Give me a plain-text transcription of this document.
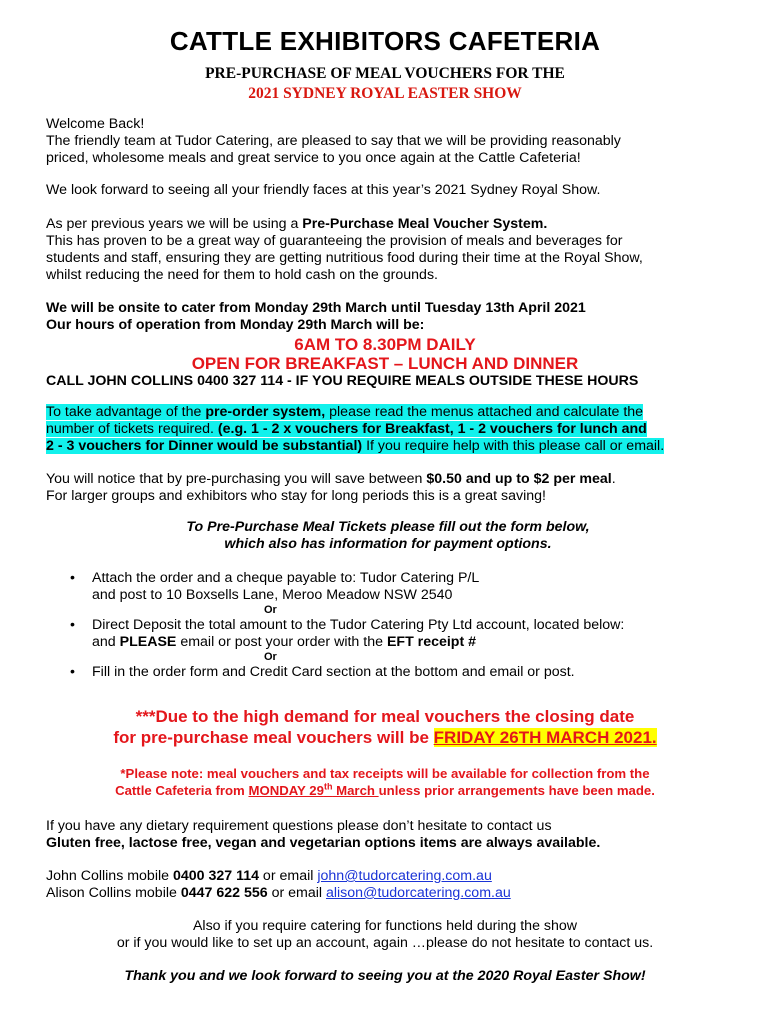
CATTLE EXHIBITORS CAFETERIA
PRE-PURCHASE OF MEAL VOUCHERS FOR THE
2021 SYDNEY ROYAL EASTER SHOW
Welcome Back!
The friendly team at Tudor Catering, are pleased to say that we will be providing reasonably
priced, wholesome meals and great service to you once again at the Cattle Cafeteria!
We look forward to seeing all your friendly faces at this year’s 2021 Sydney Royal Show.
As per previous years we will be using a Pre-Purchase Meal Voucher System.
This has proven to be a great way of guaranteeing the provision of meals and beverages for
students and staff, ensuring they are getting nutritious food during their time at the Royal Show,
whilst reducing the need for them to hold cash on the grounds.
We will be onsite to cater from Monday 29th March until Tuesday 13th April 2021
Our hours of operation from Monday 29th March will be:
6AM TO 8.30PM DAILY
OPEN FOR BREAKFAST – LUNCH AND DINNER
CALL JOHN COLLINS 0400 327 114 - IF YOU REQUIRE MEALS OUTSIDE THESE HOURS
To take advantage of the pre-order system, please read the menus attached and calculate the
number of tickets required. (e.g. 1 - 2 x vouchers for Breakfast, 1 - 2 vouchers for lunch and
2 - 3 vouchers for Dinner would be substantial) If you require help with this please call or email.
You will notice that by pre-purchasing you will save between $0.50 and up to $2 per meal.
For larger groups and exhibitors who stay for long periods this is a great saving!
To Pre-Purchase Meal Tickets please fill out the form below,
which also has information for payment options.
• Attach the order and a cheque payable to: Tudor Catering P/L
and post to 10 Boxsells Lane, Meroo Meadow NSW 2540
Or
• Direct Deposit the total amount to the Tudor Catering Pty Ltd account, located below:
and PLEASE email or post your order with the EFT receipt #
Or
• Fill in the order form and Credit Card section at the bottom and email or post.
***Due to the high demand for meal vouchers the closing date
for pre-purchase meal vouchers will be FRIDAY 26TH MARCH 2021.
*Please note: meal vouchers and tax receipts will be available for collection from the
Cattle Cafeteria from MONDAY 29th March unless prior arrangements have been made.
If you have any dietary requirement questions please don’t hesitate to contact us
Gluten free, lactose free, vegan and vegetarian options items are always available.
John Collins mobile 0400 327 114 or email john@tudorcatering.com.au
Alison Collins mobile 0447 622 556 or email alison@tudorcatering.com.au
Also if you require catering for functions held during the show
or if you would like to set up an account, again …please do not hesitate to contact us.
Thank you and we look forward to seeing you at the 2020 Royal Easter Show!
